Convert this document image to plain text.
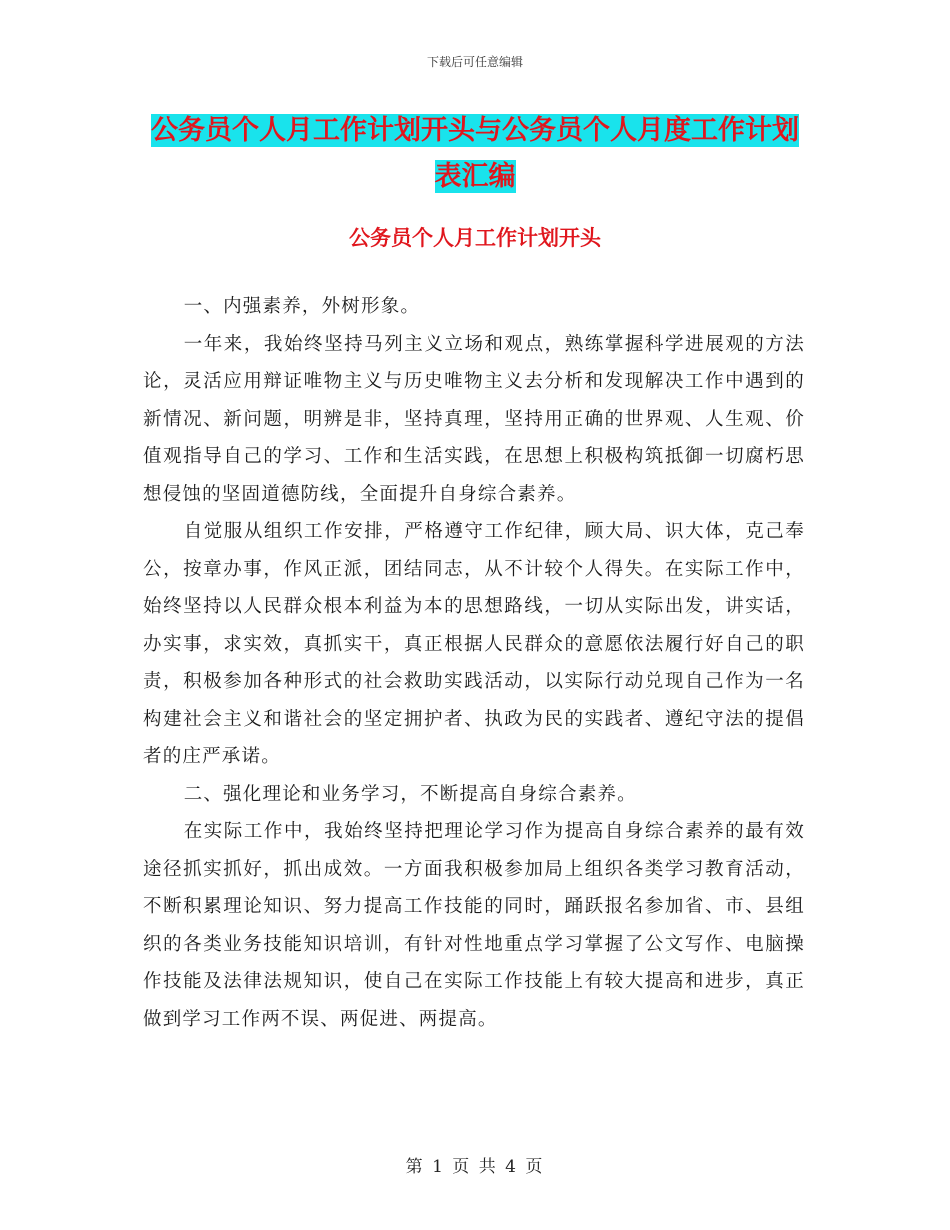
下载后可任意编辑
公务员个人月工作计划开头与公务员个人月度工作计划表汇编
公务员个人月工作计划开头

一、内强素养，外树形象。

一年来，我始终坚持马列主义立场和观点，熟练掌握科学进展观的方法论，灵活应用辩证唯物主义与历史唯物主义去分析和发现解决工作中遇到的新情况、新问题，明辨是非，坚持真理，坚持用正确的世界观、人生观、价值观指导自己的学习、工作和生活实践，在思想上积极构筑抵御一切腐朽思想侵蚀的坚固道德防线，全面提升自身综合素养。

自觉服从组织工作安排，严格遵守工作纪律，顾大局、识大体，克己奉公，按章办事，作风正派，团结同志，从不计较个人得失。在实际工作中，始终坚持以人民群众根本利益为本的思想路线，一切从实际出发，讲实话，办实事，求实效，真抓实干，真正根据人民群众的意愿依法履行好自己的职责，积极参加各种形式的社会救助实践活动，以实际行动兑现自己作为一名构建社会主义和谐社会的坚定拥护者、执政为民的实践者、遵纪守法的提倡者的庄严承诺。

二、强化理论和业务学习，不断提高自身综合素养。

在实际工作中，我始终坚持把理论学习作为提高自身综合素养的最有效途径抓实抓好，抓出成效。一方面我积极参加局上组织各类学习教育活动，不断积累理论知识、努力提高工作技能的同时，踊跃报名参加省、市、县组织的各类业务技能知识培训，有针对性地重点学习掌握了公文写作、电脑操作技能及法律法规知识，使自己在实际工作技能上有较大提高和进步，真正做到学习工作两不误、两促进、两提高。

第 1 页 共 4 页
